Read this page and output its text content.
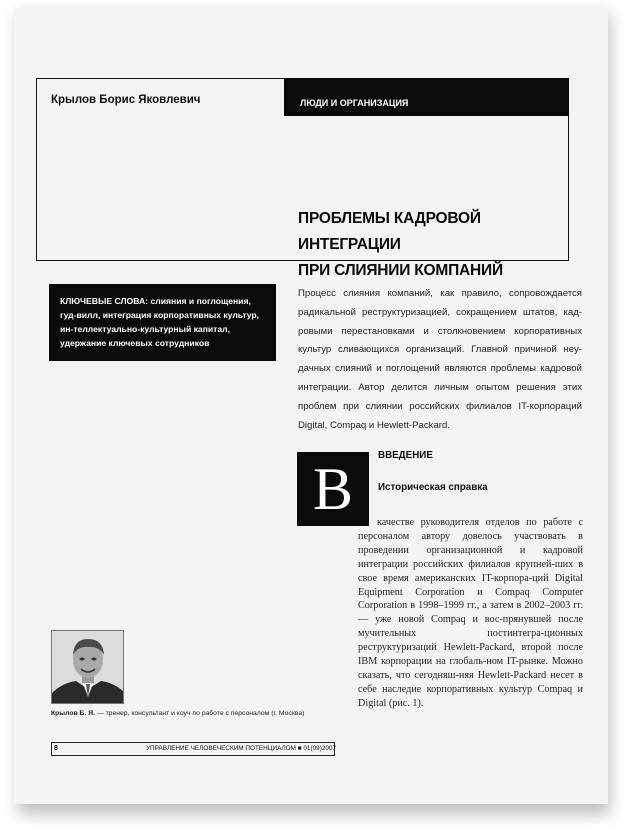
Крылов Борис Яковлевич	ЛЮДИ И ОРГАНИЗАЦИЯ
ПРОБЛЕМЫ КАДРОВОЙ ИНТЕГРАЦИИ
ПРИ СЛИЯНИИ КОМПАНИЙ
КЛЮЧЕВЫЕ СЛОВА: слияния и поглощения, гуд-вилл, интеграция корпоративных культур, ин-теллектуально-культурный капитал, удержание ключевых сотрудников
Процесс слияния компаний, как правило, сопровождается радикальной реструктуризацией, сокращением штатов, кад-ровыми перестановками и столкновением корпоративных культур сливающихся организаций. Главной причиной неу-дачных слияний и поглощений являются проблемы кадровой интеграции. Автор делится личным опытом решения этих проблем при слиянии российских филиалов IT-корпораций Digital, Compaq и Hewlett-Packard.
В
ВВЕДЕНИЕ
Историческая справка
качестве руководителя отделов по работе с персоналом автору довелось участвовать в проведении организационной и кадровой интеграции российских филиалов крупней-ших в свое время американских IT-корпора-ций Digital Equipment Corporation и Compaq Computer Corporation в 1998–1999 гг., а затем в 2002–2003 гг. — уже новой Compaq и вос-прянувшей после мучительных постинтегра-ционных реструктуризаций Hewlett-Packard, второй после IBM корпорации на глобаль-ном IT-рынке. Можно сказать, что сегодняш-няя Hewlett-Packard несет в себе наследие корпоративных культур Compaq и Digital (рис. 1).
Крылов Б. Я. — тренер, консультант и коуч по работе с персоналом (г. Москва)
8	УПРАВЛЕНИЕ ЧЕЛОВЕЧЕСКИМ ПОТЕНЦИАЛОМ ■ 01(09)2007
